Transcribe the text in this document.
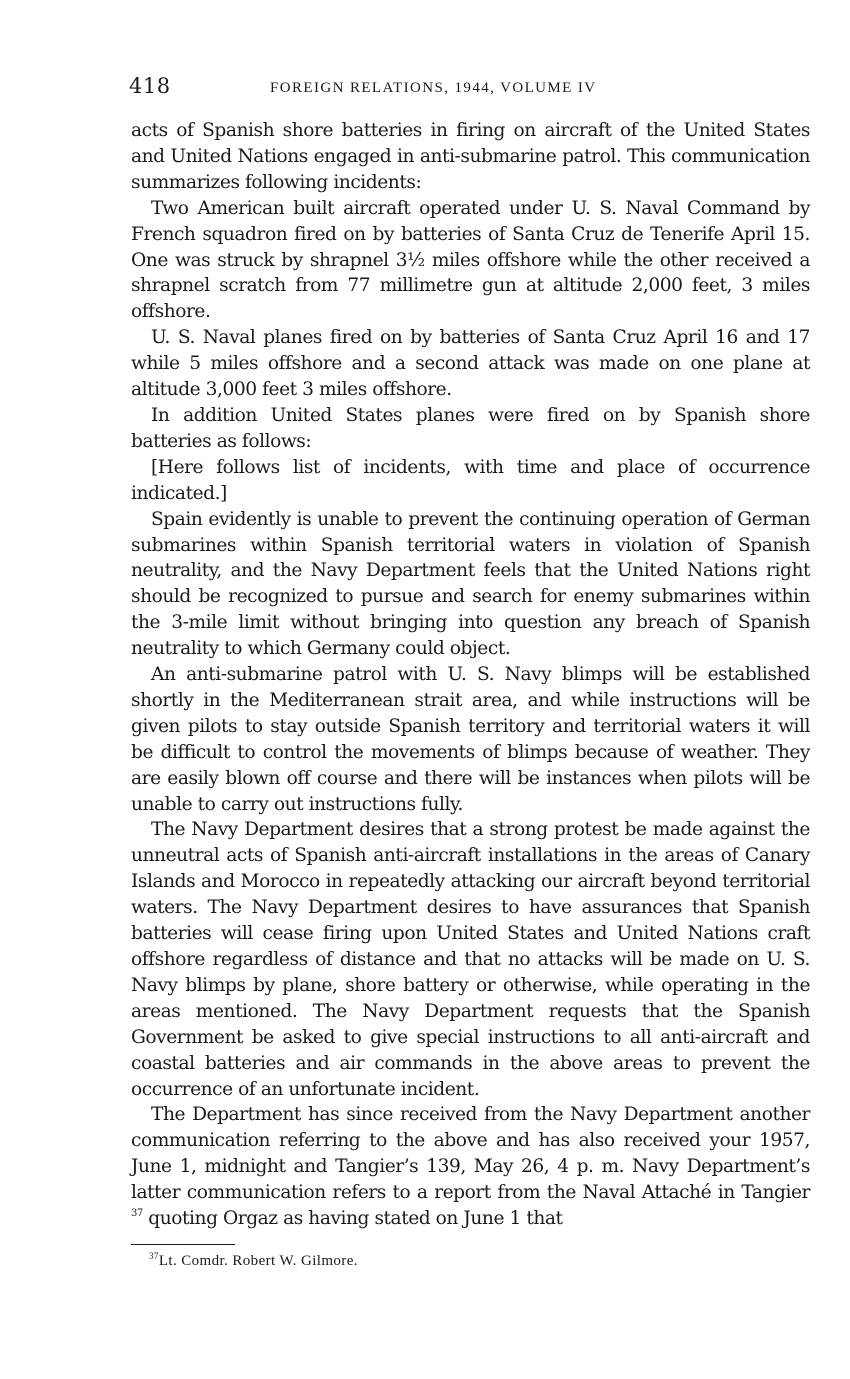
418	FOREIGN RELATIONS, 1944, VOLUME IV

acts of Spanish shore batteries in firing on aircraft of the United States and United Nations engaged in anti-submarine patrol. This communication summarizes following incidents:

Two American built aircraft operated under U. S. Naval Command by French squadron fired on by batteries of Santa Cruz de Tenerife April 15. One was struck by shrapnel 3½ miles offshore while the other received a shrapnel scratch from 77 millimetre gun at altitude 2,000 feet, 3 miles offshore.

U. S. Naval planes fired on by batteries of Santa Cruz April 16 and 17 while 5 miles offshore and a second attack was made on one plane at altitude 3,000 feet 3 miles offshore.

In addition United States planes were fired on by Spanish shore batteries as follows:

[Here follows list of incidents, with time and place of occurrence indicated.]

Spain evidently is unable to prevent the continuing operation of German submarines within Spanish territorial waters in violation of Spanish neutrality, and the Navy Department feels that the United Nations right should be recognized to pursue and search for enemy submarines within the 3-mile limit without bringing into question any breach of Spanish neutrality to which Germany could object.

An anti-submarine patrol with U. S. Navy blimps will be established shortly in the Mediterranean strait area, and while instructions will be given pilots to stay outside Spanish territory and territorial waters it will be difficult to control the movements of blimps because of weather. They are easily blown off course and there will be instances when pilots will be unable to carry out instructions fully.

The Navy Department desires that a strong protest be made against the unneutral acts of Spanish anti-aircraft installations in the areas of Canary Islands and Morocco in repeatedly attacking our aircraft beyond territorial waters. The Navy Department desires to have assurances that Spanish batteries will cease firing upon United States and United Nations craft offshore regardless of distance and that no attacks will be made on U. S. Navy blimps by plane, shore battery or otherwise, while operating in the areas mentioned. The Navy Department requests that the Spanish Government be asked to give special instructions to all anti-aircraft and coastal batteries and air commands in the above areas to prevent the occurrence of an unfortunate incident.

The Department has since received from the Navy Department another communication referring to the above and has also received your 1957, June 1, midnight and Tangier’s 139, May 26, 4 p. m. Navy Department’s latter communication refers to a report from the Naval Attaché in Tangier $^{37}$ quoting Orgaz as having stated on June 1 that

$^{37}$Lt. Comdr. Robert W. Gilmore.
